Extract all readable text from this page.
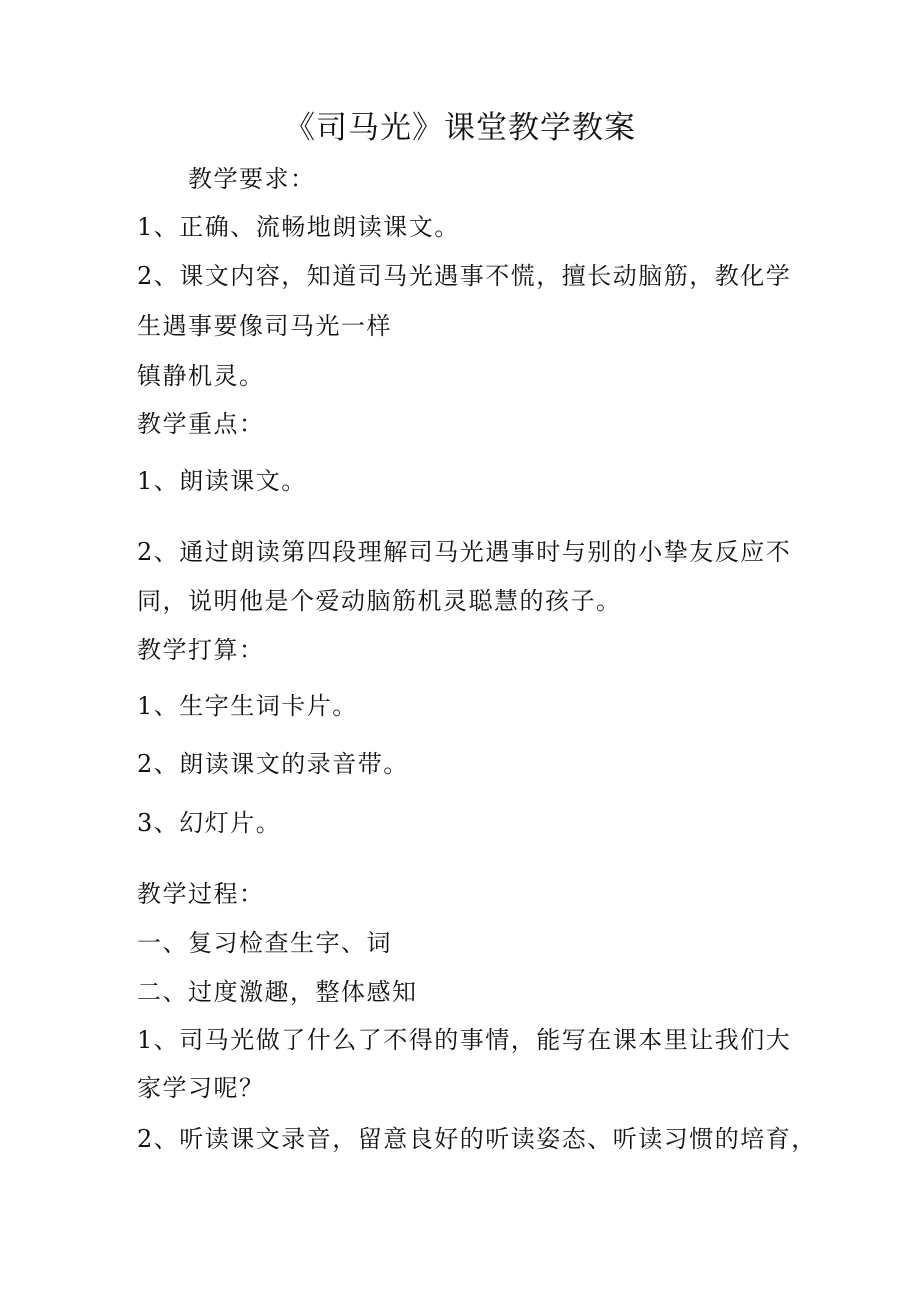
《司马光》课堂教学教案
教学要求：
1、正确、流畅地朗读课文。
2、课文内容，知道司马光遇事不慌，擅长动脑筋，教化学
生遇事要像司马光一样
镇静机灵。
教学重点：
1、朗读课文。
2、通过朗读第四段理解司马光遇事时与别的小挚友反应不
同，说明他是个爱动脑筋机灵聪慧的孩子。
教学打算：
1、生字生词卡片。
2、朗读课文的录音带。
3、幻灯片。
教学过程：
一、复习检查生字、词
二、过度激趣，整体感知
1、司马光做了什么了不得的事情，能写在课本里让我们大
家学习呢？
2、听读课文录音，留意良好的听读姿态、听读习惯的培育，
